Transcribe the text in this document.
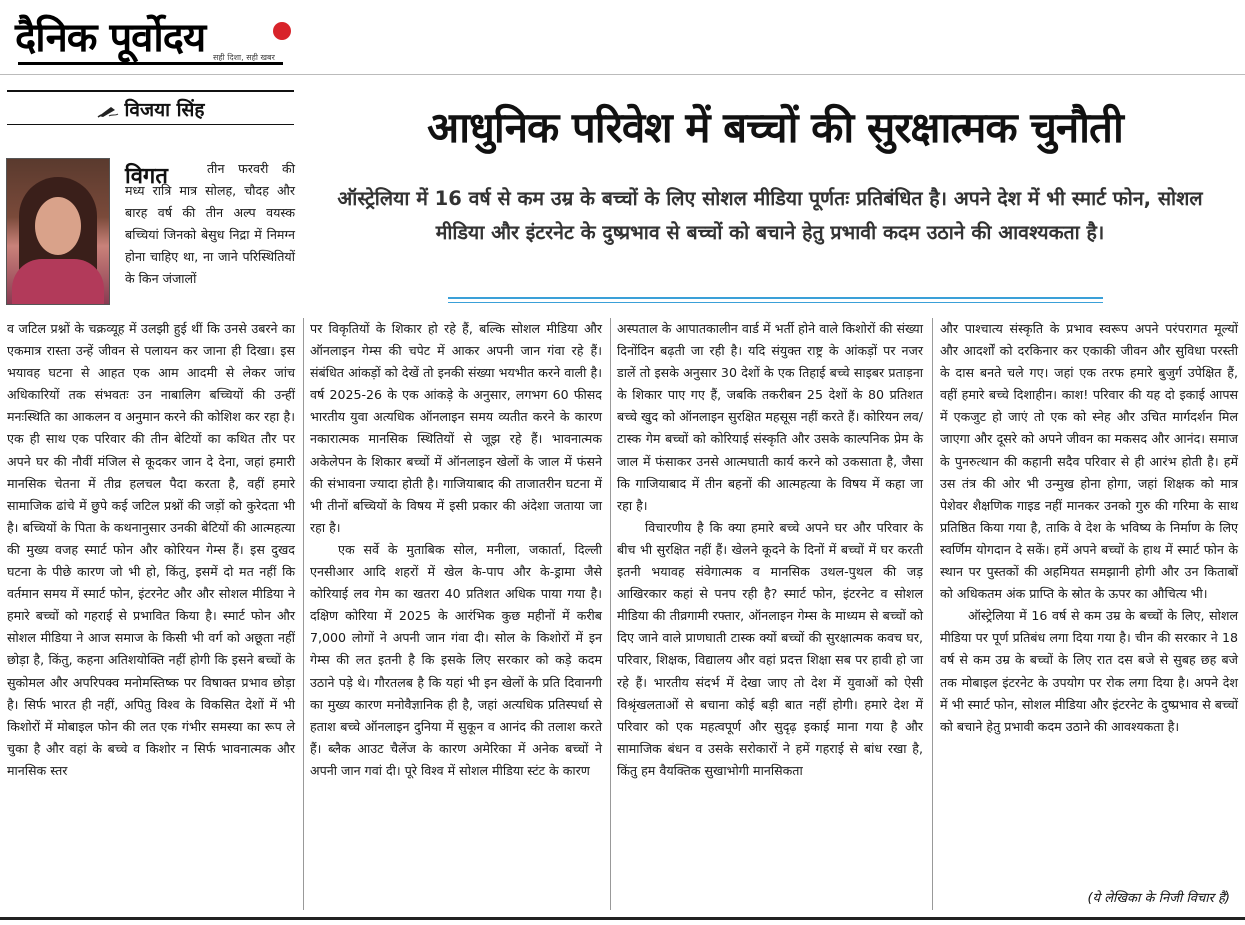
दैनिक पूर्वोदय सही दिशा, सही खबर
विजया सिंह

तीन फरवरी की मध्य रात्रि मात्र सोलह, चौदह और बारह वर्ष की तीन अल्प वयस्क बच्चियां जिनको बेसुध निद्रा में निमग्न होना चाहिए था, ना जाने परिस्थितियों के किन जंजालों

विगत
आधुनिक परिवेश में बच्चों की सुरक्षात्मक चुनौती
ऑस्ट्रेलिया में 16 वर्ष से कम उम्र के बच्चों के लिए सोशल मीडिया पूर्णतः प्रतिबंधित है। अपने देश में भी स्मार्ट फोन, सोशल मीडिया और इंटरनेट के दुष्प्रभाव से बच्चों को बचाने हेतु प्रभावी कदम उठाने की आवश्यकता है।

व जटिल प्रश्नों के चक्रव्यूह में उलझी हुई थीं कि उनसे उबरने का एकमात्र रास्ता उन्हें जीवन से पलायन कर जाना ही दिखा। इस भयावह घटना से आहत एक आम आदमी से लेकर जांच अधिकारियों तक संभवतः उन नाबालिग बच्चियों की उन्हीं मनःस्थिति का आकलन व अनुमान करने की कोशिश कर रहा है। एक ही साथ एक परिवार की तीन बेटियों का कथित तौर पर अपने घर की नौवीं मंजिल से कूदकर जान दे देना, जहां हमारी मानसिक चेतना में तीव्र हलचल पैदा करता है, वहीं हमारे सामाजिक ढांचे में छुपे कई जटिल प्रश्नों की जड़ों को कुरेदता भी है। बच्चियों के पिता के कथनानुसार उनकी बेटियों की आत्महत्या की मुख्य वजह स्मार्ट फोन और कोरियन गेम्स हैं। इस दुखद घटना के पीछे कारण जो भी हो, किंतु, इसमें दो मत नहीं कि वर्तमान समय में स्मार्ट फोन, इंटरनेट और और सोशल मीडिया ने हमारे बच्चों को गहराई से प्रभावित किया है। स्मार्ट फोन और सोशल मीडिया ने आज समाज के किसी भी वर्ग को अछूता नहीं छोड़ा है, किंतु, कहना अतिशयोक्ति नहीं होगी कि इसने बच्चों के सुकोमल और अपरिपक्व मनोमस्तिष्क पर विषाक्त प्रभाव छोड़ा है। सिर्फ भारत ही नहीं, अपितु विश्व के विकसित देशों में भी किशोरों में मोबाइल फोन की लत एक गंभीर समस्या का रूप ले चुका है और वहां के बच्चे व किशोर न सिर्फ भावनात्मक और मानसिक स्तर

पर विकृतियों के शिकार हो रहे हैं, बल्कि सोशल मीडिया और ऑनलाइन गेम्स की चपेट में आकर अपनी जान गंवा रहे हैं। संबंधित आंकड़ों को देखें तो इनकी संख्या भयभीत करने वाली है। वर्ष 2025-26 के एक आंकड़े के अनुसार, लगभग 60 फीसद भारतीय युवा अत्यधिक ऑनलाइन समय व्यतीत करने के कारण नकारात्मक मानसिक स्थितियों से जूझ रहे हैं। भावनात्मक अकेलेपन के शिकार बच्चों में ऑनलाइन खेलों के जाल में फंसने की संभावना ज्यादा होती है। गाजियाबाद की ताजातरीन घटना में भी तीनों बच्चियों के विषय में इसी प्रकार की अंदेशा जताया जा रहा है।

एक सर्वे के मुताबिक सोल, मनीला, जकार्ता, दिल्ली एनसीआर आदि शहरों में खेल के-पाप और के-ड्रामा जैसे कोरियाई लव गेम का खतरा 40 प्रतिशत अधिक पाया गया है। दक्षिण कोरिया में 2025 के आरंभिक कुछ महीनों में करीब 7,000 लोगों ने अपनी जान गंवा दी। सोल के किशोरों में इन गेम्स की लत इतनी है कि इसके लिए सरकार को कड़े कदम उठाने पड़े थे। गौरतलब है कि यहां भी इन खेलों के प्रति दिवानगी का मुख्य कारण मनोवैज्ञानिक ही है, जहां अत्यधिक प्रतिस्पर्धा से हताश बच्चे ऑनलाइन दुनिया में सुकून व आनंद की तलाश करते हैं। ब्लैक आउट चैलेंज के कारण अमेरिका में अनेक बच्चों ने अपनी जान गवां दी। पूरे विश्व में सोशल मीडिया स्टंट के कारण

अस्पताल के आपातकालीन वार्ड में भर्ती होने वाले किशोरों की संख्या दिनोंदिन बढ़ती जा रही है। यदि संयुक्त राष्ट्र के आंकड़ों पर नजर डालें तो इसके अनुसार 30 देशों के एक तिहाई बच्चे साइबर प्रताड़ना के शिकार पाए गए हैं, जबकि तकरीबन 25 देशों के 80 प्रतिशत बच्चे खुद को ऑनलाइन सुरक्षित महसूस नहीं करते हैं। कोरियन लव/टास्क गेम बच्चों को कोरियाई संस्कृति और उसके काल्पनिक प्रेम के जाल में फंसाकर उनसे आत्मघाती कार्य करने को उकसाता है, जैसा कि गाजियाबाद में तीन बहनों की आत्महत्या के विषय में कहा जा रहा है।

विचारणीय है कि क्या हमारे बच्चे अपने घर और परिवार के बीच भी सुरक्षित नहीं हैं। खेलने कूदने के दिनों में बच्चों में घर करती इतनी भयावह संवेगात्मक व मानसिक उथल-पुथल की जड़ आखिरकार कहां से पनप रही है? स्मार्ट फोन, इंटरनेट व सोशल मीडिया की तीव्रगामी रफ्तार, ऑनलाइन गेम्स के माध्यम से बच्चों को दिए जाने वाले प्राणघाती टास्क क्यों बच्चों की सुरक्षात्मक कवच घर, परिवार, शिक्षक, विद्यालय और वहां प्रदत्त शिक्षा सब पर हावी हो जा रहे हैं। भारतीय संदर्भ में देखा जाए तो देश में युवाओं को ऐसी विश्रृंखलताओं से बचाना कोई बड़ी बात नहीं होगी। हमारे देश में परिवार को एक महत्वपूर्ण और सुदृढ़ इकाई माना गया है और सामाजिक बंधन व उसके सरोकारों ने हमें गहराई से बांध रखा है, किंतु हम वैयक्तिक सुखाभोगी मानसिकता

और पाश्चात्य संस्कृति के प्रभाव स्वरूप अपने परंपरागत मूल्यों और आदर्शों को दरकिनार कर एकाकी जीवन और सुविधा परस्ती के दास बनते चले गए। जहां एक तरफ हमारे बुजुर्ग उपेक्षित हैं, वहीं हमारे बच्चे दिशाहीन। काश! परिवार की यह दो इकाई आपस में एकजुट हो जाएं तो एक को स्नेह और उचित मार्गदर्शन मिल जाएगा और दूसरे को अपने जीवन का मकसद और आनंद। समाज के पुनरुत्थान की कहानी सदैव परिवार से ही आरंभ होती है। हमें उस तंत्र की ओर भी उन्मुख होना होगा, जहां शिक्षक को मात्र पेशेवर शैक्षणिक गाइड नहीं मानकर उनको गुरु की गरिमा के साथ प्रतिष्ठित किया गया है, ताकि वे देश के भविष्य के निर्माण के लिए स्वर्णिम योगदान दे सकें। हमें अपने बच्चों के हाथ में स्मार्ट फोन के स्थान पर पुस्तकों की अहमियत समझानी होगी और उन किताबों को अधिकतम अंक प्राप्ति के स्रोत के ऊपर का औचित्य भी।

ऑस्ट्रेलिया में 16 वर्ष से कम उम्र के बच्चों के लिए, सोशल मीडिया पर पूर्ण प्रतिबंध लगा दिया गया है। चीन की सरकार ने 18 वर्ष से कम उम्र के बच्चों के लिए रात दस बजे से सुबह छह बजे तक मोबाइल इंटरनेट के उपयोग पर रोक लगा दिया है। अपने देश में भी स्मार्ट फोन, सोशल मीडिया और इंटरनेट के दुष्प्रभाव से बच्चों को बचाने हेतु प्रभावी कदम उठाने की आवश्यकता है।

(ये लेखिका के निजी विचार हैं)
